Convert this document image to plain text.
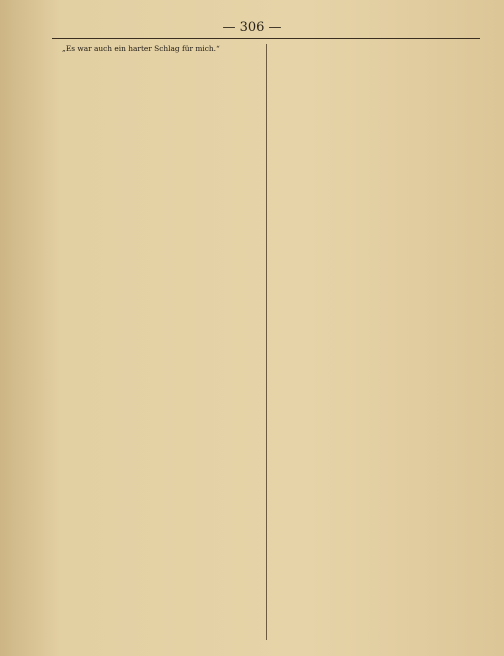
— 306 —

„Es war auch ein harter Schlag für mich.“
